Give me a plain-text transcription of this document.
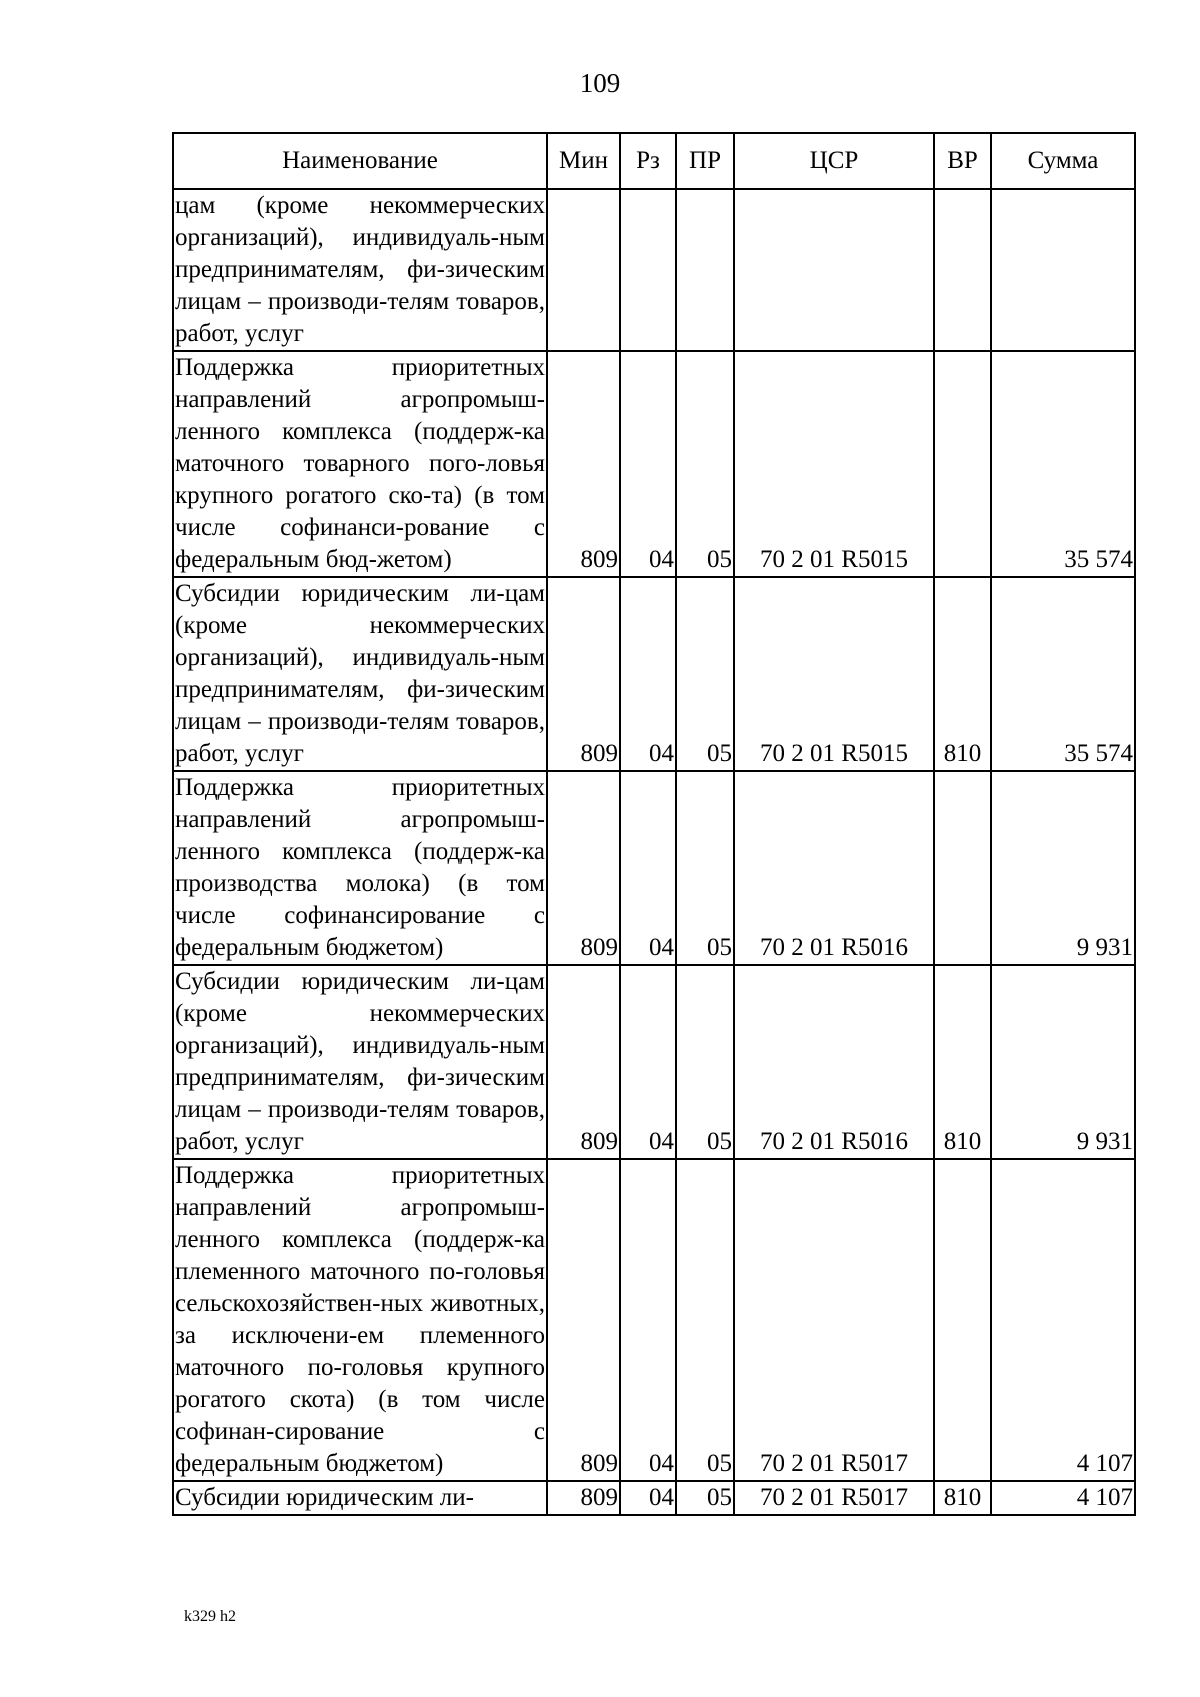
109
Наименование	Мин	Рз	ПР	ЦСР	ВР	Сумма
цам (кроме некоммерческих организаций), индивидуаль-ным предпринимателям, фи-зическим лицам – производи-телям товаров, работ, услуг						
Поддержка приоритетных направлений агропромыш-ленного комплекса (поддерж-ка маточного товарного пого-ловья крупного рогатого ско-та) (в том числе софинанси-рование с федеральным бюд-жетом)	809	04	05	70 2 01 R5015		35 574
Субсидии юридическим ли-цам (кроме некоммерческих организаций), индивидуаль-ным предпринимателям, фи-зическим лицам – производи-телям товаров, работ, услуг	809	04	05	70 2 01 R5015	810	35 574
Поддержка приоритетных направлений агропромыш-ленного комплекса (поддерж-ка производства молока) (в том числе софинансирование с федеральным бюджетом)	809	04	05	70 2 01 R5016		9 931
Субсидии юридическим ли-цам (кроме некоммерческих организаций), индивидуаль-ным предпринимателям, фи-зическим лицам – производи-телям товаров, работ, услуг	809	04	05	70 2 01 R5016	810	9 931
Поддержка приоритетных направлений агропромыш-ленного комплекса (поддерж-ка племенного маточного по-головья сельскохозяйствен-ных животных, за исключени-ем племенного маточного по-головья крупного рогатого скота) (в том числе софинан-сирование с федеральным бюджетом)	809	04	05	70 2 01 R5017		4 107
Субсидии юридическим ли-	809	04	05	70 2 01 R5017	810	4 107
k329 h2
